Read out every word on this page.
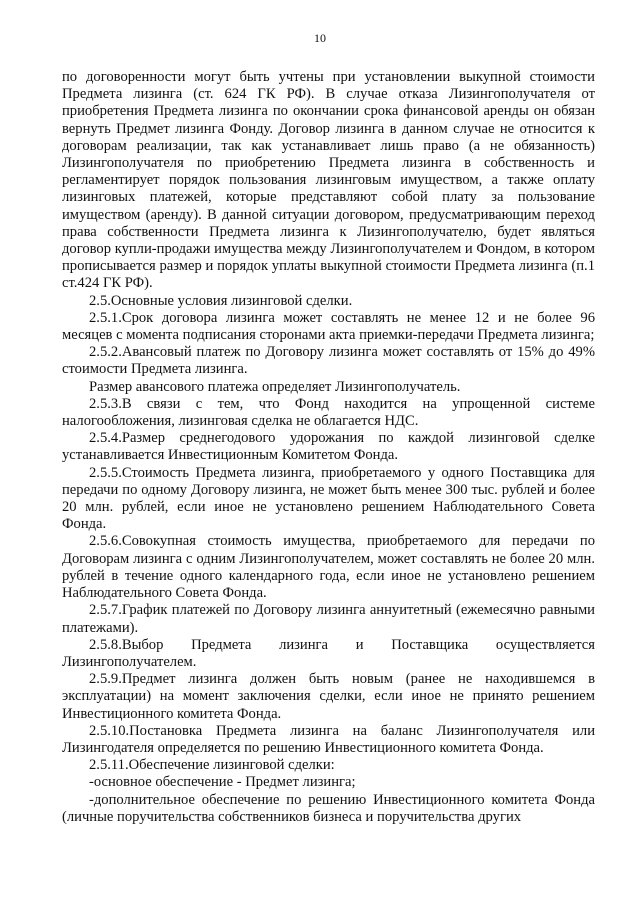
10

по договоренности могут быть учтены при установлении выкупной стоимости Предмета лизинга (ст. 624 ГК РФ). В случае отказа Лизингополучателя от приобретения Предмета лизинга по окончании срока финансовой аренды он обязан вернуть Предмет лизинга Фонду. Договор лизинга в данном случае не относится к договорам реализации, так как устанавливает лишь право (а не обязанность) Лизингополучателя по приобретению Предмета лизинга в собственность и регламентирует порядок пользования лизинговым имуществом, а также оплату лизинговых платежей, которые представляют собой плату за пользование имуществом (аренду). В данной ситуации договором, предусматривающим переход права собственности Предмета лизинга к Лизингополучателю, будет являться договор купли-продажи имущества между Лизингополучателем и Фондом, в котором прописывается размер и порядок уплаты выкупной стоимости Предмета лизинга (п.1 ст.424 ГК РФ).

2.5.Основные условия лизинговой сделки.

2.5.1.Срок договора лизинга может составлять не менее 12 и не более 96 месяцев с момента подписания сторонами акта приемки-передачи Предмета лизинга;

2.5.2.Авансовый платеж по Договору лизинга может составлять от 15% до 49% стоимости Предмета лизинга.

Размер авансового платежа определяет Лизингополучатель.

2.5.3.В связи с тем, что Фонд находится на упрощенной системе налогообложения, лизинговая сделка не облагается НДС.

2.5.4.Размер среднегодового удорожания по каждой лизинговой сделке устанавливается Инвестиционным Комитетом Фонда.

2.5.5.Стоимость Предмета лизинга, приобретаемого у одного Поставщика для передачи по одному Договору лизинга, не может быть менее 300 тыс. рублей и более 20 млн. рублей, если иное не установлено решением Наблюдательного Совета Фонда.

2.5.6.Совокупная стоимость имущества, приобретаемого для передачи по Договорам лизинга с одним Лизингополучателем, может составлять не более 20 млн. рублей в течение одного календарного года, если иное не установлено решением Наблюдательного Совета Фонда.

2.5.7.График платежей по Договору лизинга аннуитетный (ежемесячно равными платежами).

2.5.8.Выбор Предмета лизинга и Поставщика осуществляется Лизингополучателем.

2.5.9.Предмет лизинга должен быть новым (ранее не находившемся в эксплуатации) на момент заключения сделки, если иное не принято решением Инвестиционного комитета Фонда.

2.5.10.Постановка Предмета лизинга на баланс Лизингополучателя или Лизингодателя определяется по решению Инвестиционного комитета Фонда.

2.5.11.Обеспечение лизинговой сделки:

-основное обеспечение - Предмет лизинга;

-дополнительное обеспечение по решению Инвестиционного комитета Фонда (личные поручительства собственников бизнеса и поручительства других
